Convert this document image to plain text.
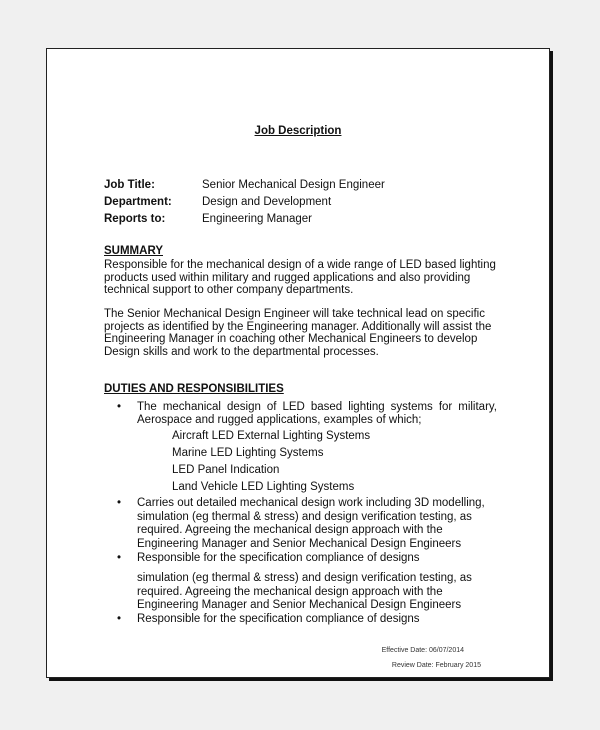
Job Description
Job Title:	Senior Mechanical Design Engineer
Department:	Design and Development
Reports to:	Engineering Manager
SUMMARY
Responsible for the mechanical design of a wide range of LED based lighting products used within military and rugged applications and also providing technical support to other company departments.
The Senior Mechanical Design Engineer will take technical lead on specific projects as identified by the Engineering manager. Additionally will assist the Engineering Manager in coaching other Mechanical Engineers to develop Design skills and work to the departmental processes.
DUTIES AND RESPONSIBILITIES
• The mechanical design of LED based lighting systems for military, Aerospace and rugged applications, examples of which;
Aircraft LED External Lighting Systems
Marine LED Lighting Systems
LED Panel Indication
Land Vehicle LED Lighting Systems
• Carries out detailed mechanical design work including 3D modelling, simulation (eg thermal & stress) and design verification testing, as required. Agreeing the mechanical design approach with the Engineering Manager and Senior Mechanical Design Engineers
• Responsible for the specification compliance of designs
simulation (eg thermal & stress) and design verification testing, as required. Agreeing the mechanical design approach with the Engineering Manager and Senior Mechanical Design Engineers
• Responsible for the specification compliance of designs
Effective Date: 06/07/2014
Review Date: February 2015
